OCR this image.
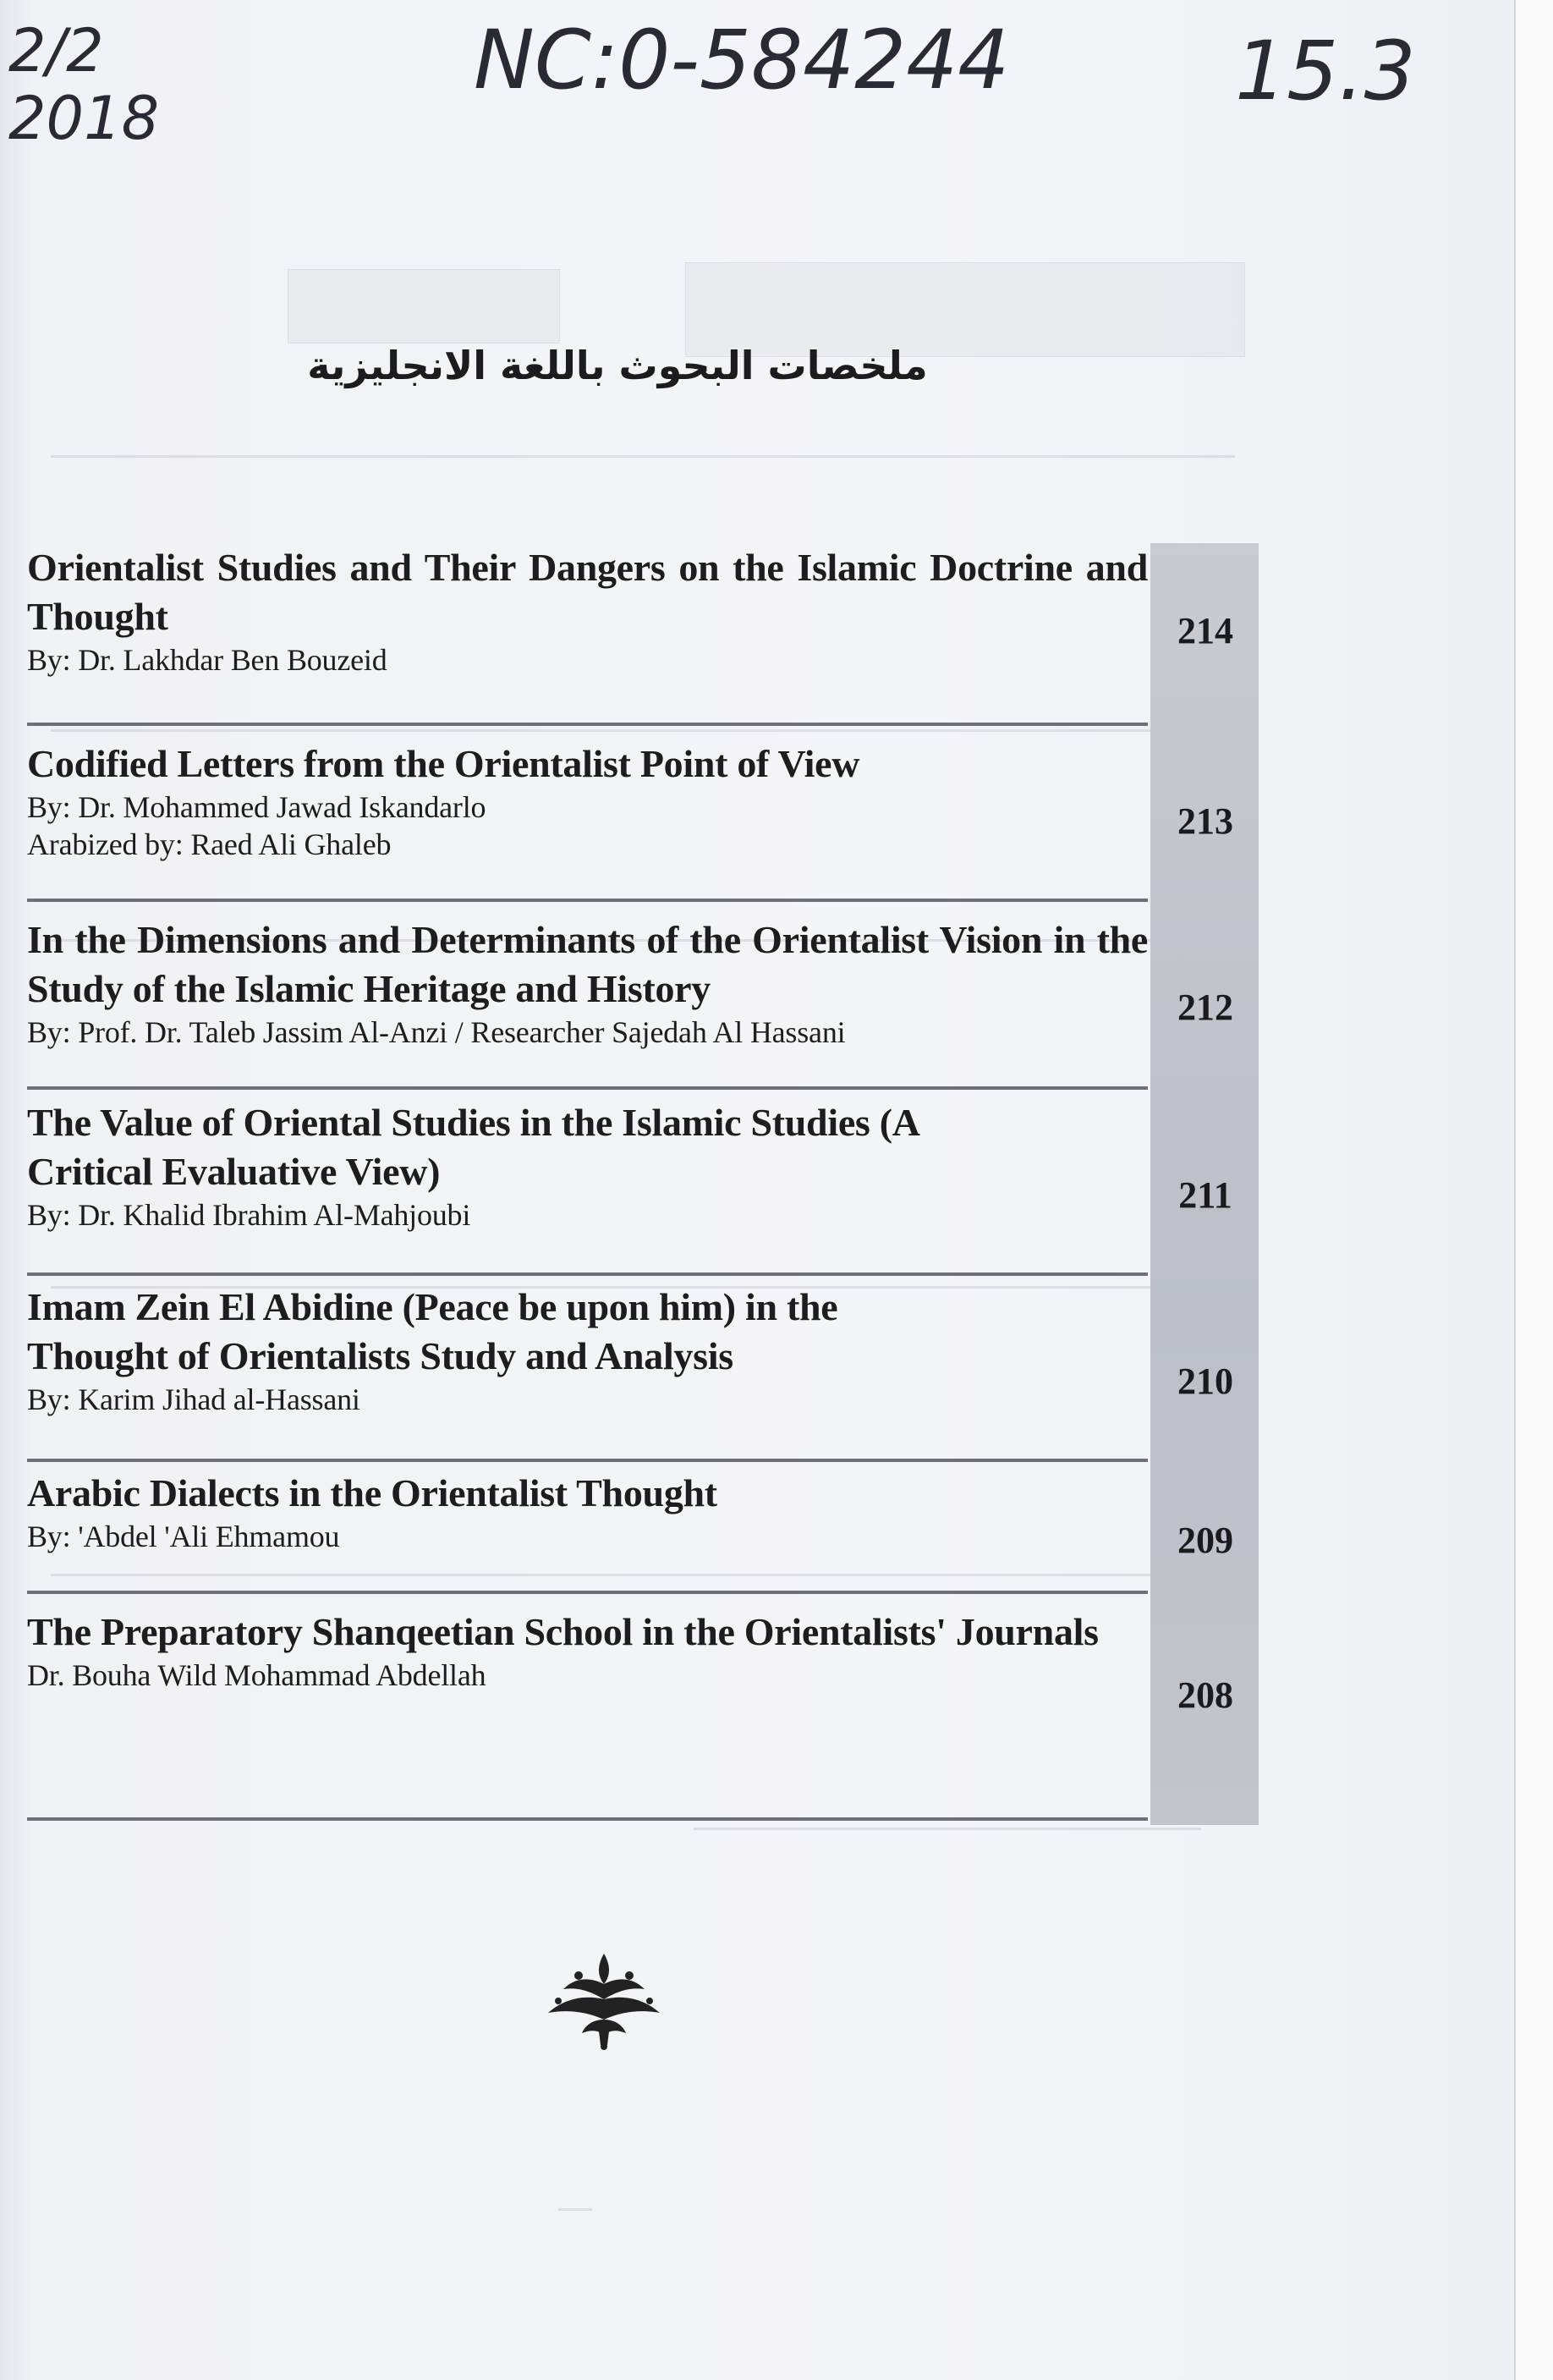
2/2
2018
NC:0-584244	15.3
ملخصات البحوث باللغة الانجليزية
Orientalist Studies and Their Dangers on the Islamic Doctrine and Thought
By: Dr. Lakhdar Ben Bouzeid
Codified Letters from the Orientalist Point of View
By: Dr. Mohammed Jawad Iskandarlo
Arabized by: Raed Ali Ghaleb
In the Dimensions and Determinants of the Orientalist Vision in the Study of the Islamic Heritage and History
By: Prof. Dr. Taleb Jassim Al-Anzi / Researcher Sajedah Al Hassani
The Value of Oriental Studies in the Islamic Studies (A Critical Evaluative View)
By: Dr. Khalid Ibrahim Al-Mahjoubi
Imam Zein El Abidine (Peace be upon him) in the Thought of Orientalists Study and Analysis
By: Karim Jihad al-Hassani
Arabic Dialects in the Orientalist Thought
By: 'Abdel 'Ali Ehmamou
The Preparatory Shanqeetian School in the Orientalists' Journals
Dr. Bouha Wild Mohammad Abdellah
214
213
212
211
210
209
208
